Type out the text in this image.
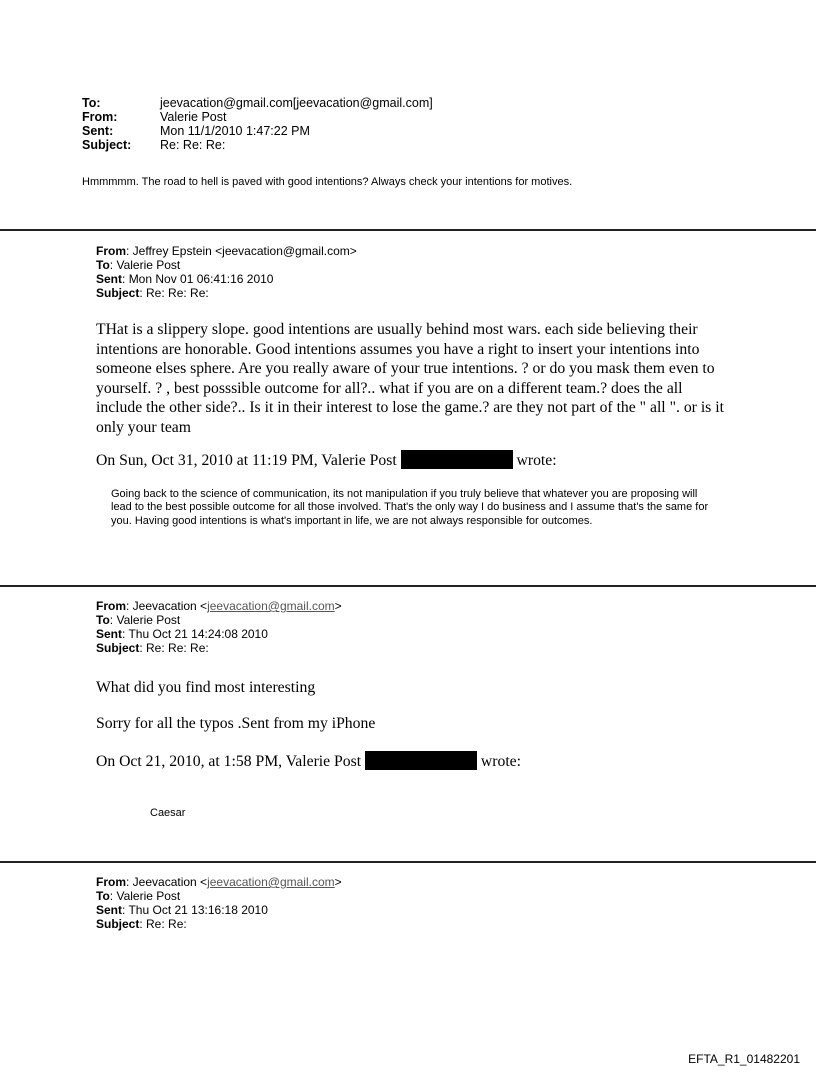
To:	jeevacation@gmail.com[jeevacation@gmail.com]
From:	Valerie Post
Sent:	Mon 11/1/2010 1:47:22 PM
Subject:	Re: Re: Re:
Hmmmmm. The road to hell is paved with good intentions? Always check your intentions for motives.
From: Jeffrey Epstein <jeevacation@gmail.com>
To: Valerie Post
Sent: Mon Nov 01 06:41:16 2010
Subject: Re: Re: Re:
THat is a slippery slope. good intentions are usually behind most wars. each side believing their intentions are honorable. Good intentions assumes you have a right to insert your intentions into someone elses sphere. Are you really aware of your true intentions. ? or do you mask them even to yourself. ? , best posssible outcome for all?.. what if you are on a different team.? does the all include the other side?.. Is it in their interest to lose the game.? are they not part of the " all ". or is it only your team
On Sun, Oct 31, 2010 at 11:19 PM, Valerie Post	wrote:
Going back to the science of communication, its not manipulation if you truly believe that whatever you are proposing will lead to the best possible outcome for all those involved. That's the only way I do business and I assume that's the same for you. Having good intentions is what's important in life, we are not always responsible for outcomes.
From: Jeevacation <jeevacation@gmail.com>
To: Valerie Post
Sent: Thu Oct 21 14:24:08 2010
Subject: Re: Re: Re:
What did you find most interesting
Sorry for all the typos .Sent from my iPhone
On Oct 21, 2010, at 1:58 PM, Valerie Post	wrote:
Caesar
From: Jeevacation <jeevacation@gmail.com>
To: Valerie Post
Sent: Thu Oct 21 13:16:18 2010
Subject: Re: Re:
EFTA_R1_01482201
